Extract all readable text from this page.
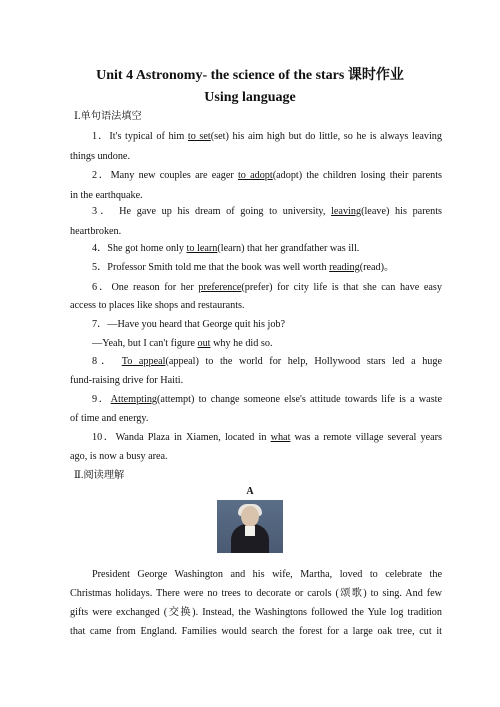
Unit 4 Astronomy- the science of the stars 课时作业
Using language
Ⅰ.单句语法填空
1．It's typical of him to set(set) his aim high but do little, so he is always leaving
things undone.
2．Many new couples are eager to adopt(adopt) the children losing their parents
in the earthquake.
3． He gave up his dream of going to university, leaving(leave) his parents
heartbroken.
4．She got home only to learn(learn) that her grandfather was ill.
5．Professor Smith told me that the book was well worth reading(read)。
6．One reason for her preference(prefer) for city life is that she can have easy
access to places like shops and restaurants.
7．—Have you heard that George quit his job?
—Yeah, but I can't figure out why he did so.
8． To appeal(appeal) to the world for help, Hollywood stars led a huge
fund-raising drive for Haiti.
9．Attempting(attempt) to change someone else's attitude towards life is a waste
of time and energy.
10．Wanda Plaza in Xiamen, located in what was a remote village several years
ago, is now a busy area.
Ⅱ.阅读理解
A
President George Washington and his wife, Martha, loved to celebrate the
Christmas holidays. There were no trees to decorate or carols (颂歌) to sing. And few
gifts were exchanged (交换). Instead, the Washingtons followed the Yule log tradition
that came from England. Families would search the forest for a large oak tree, cut it
